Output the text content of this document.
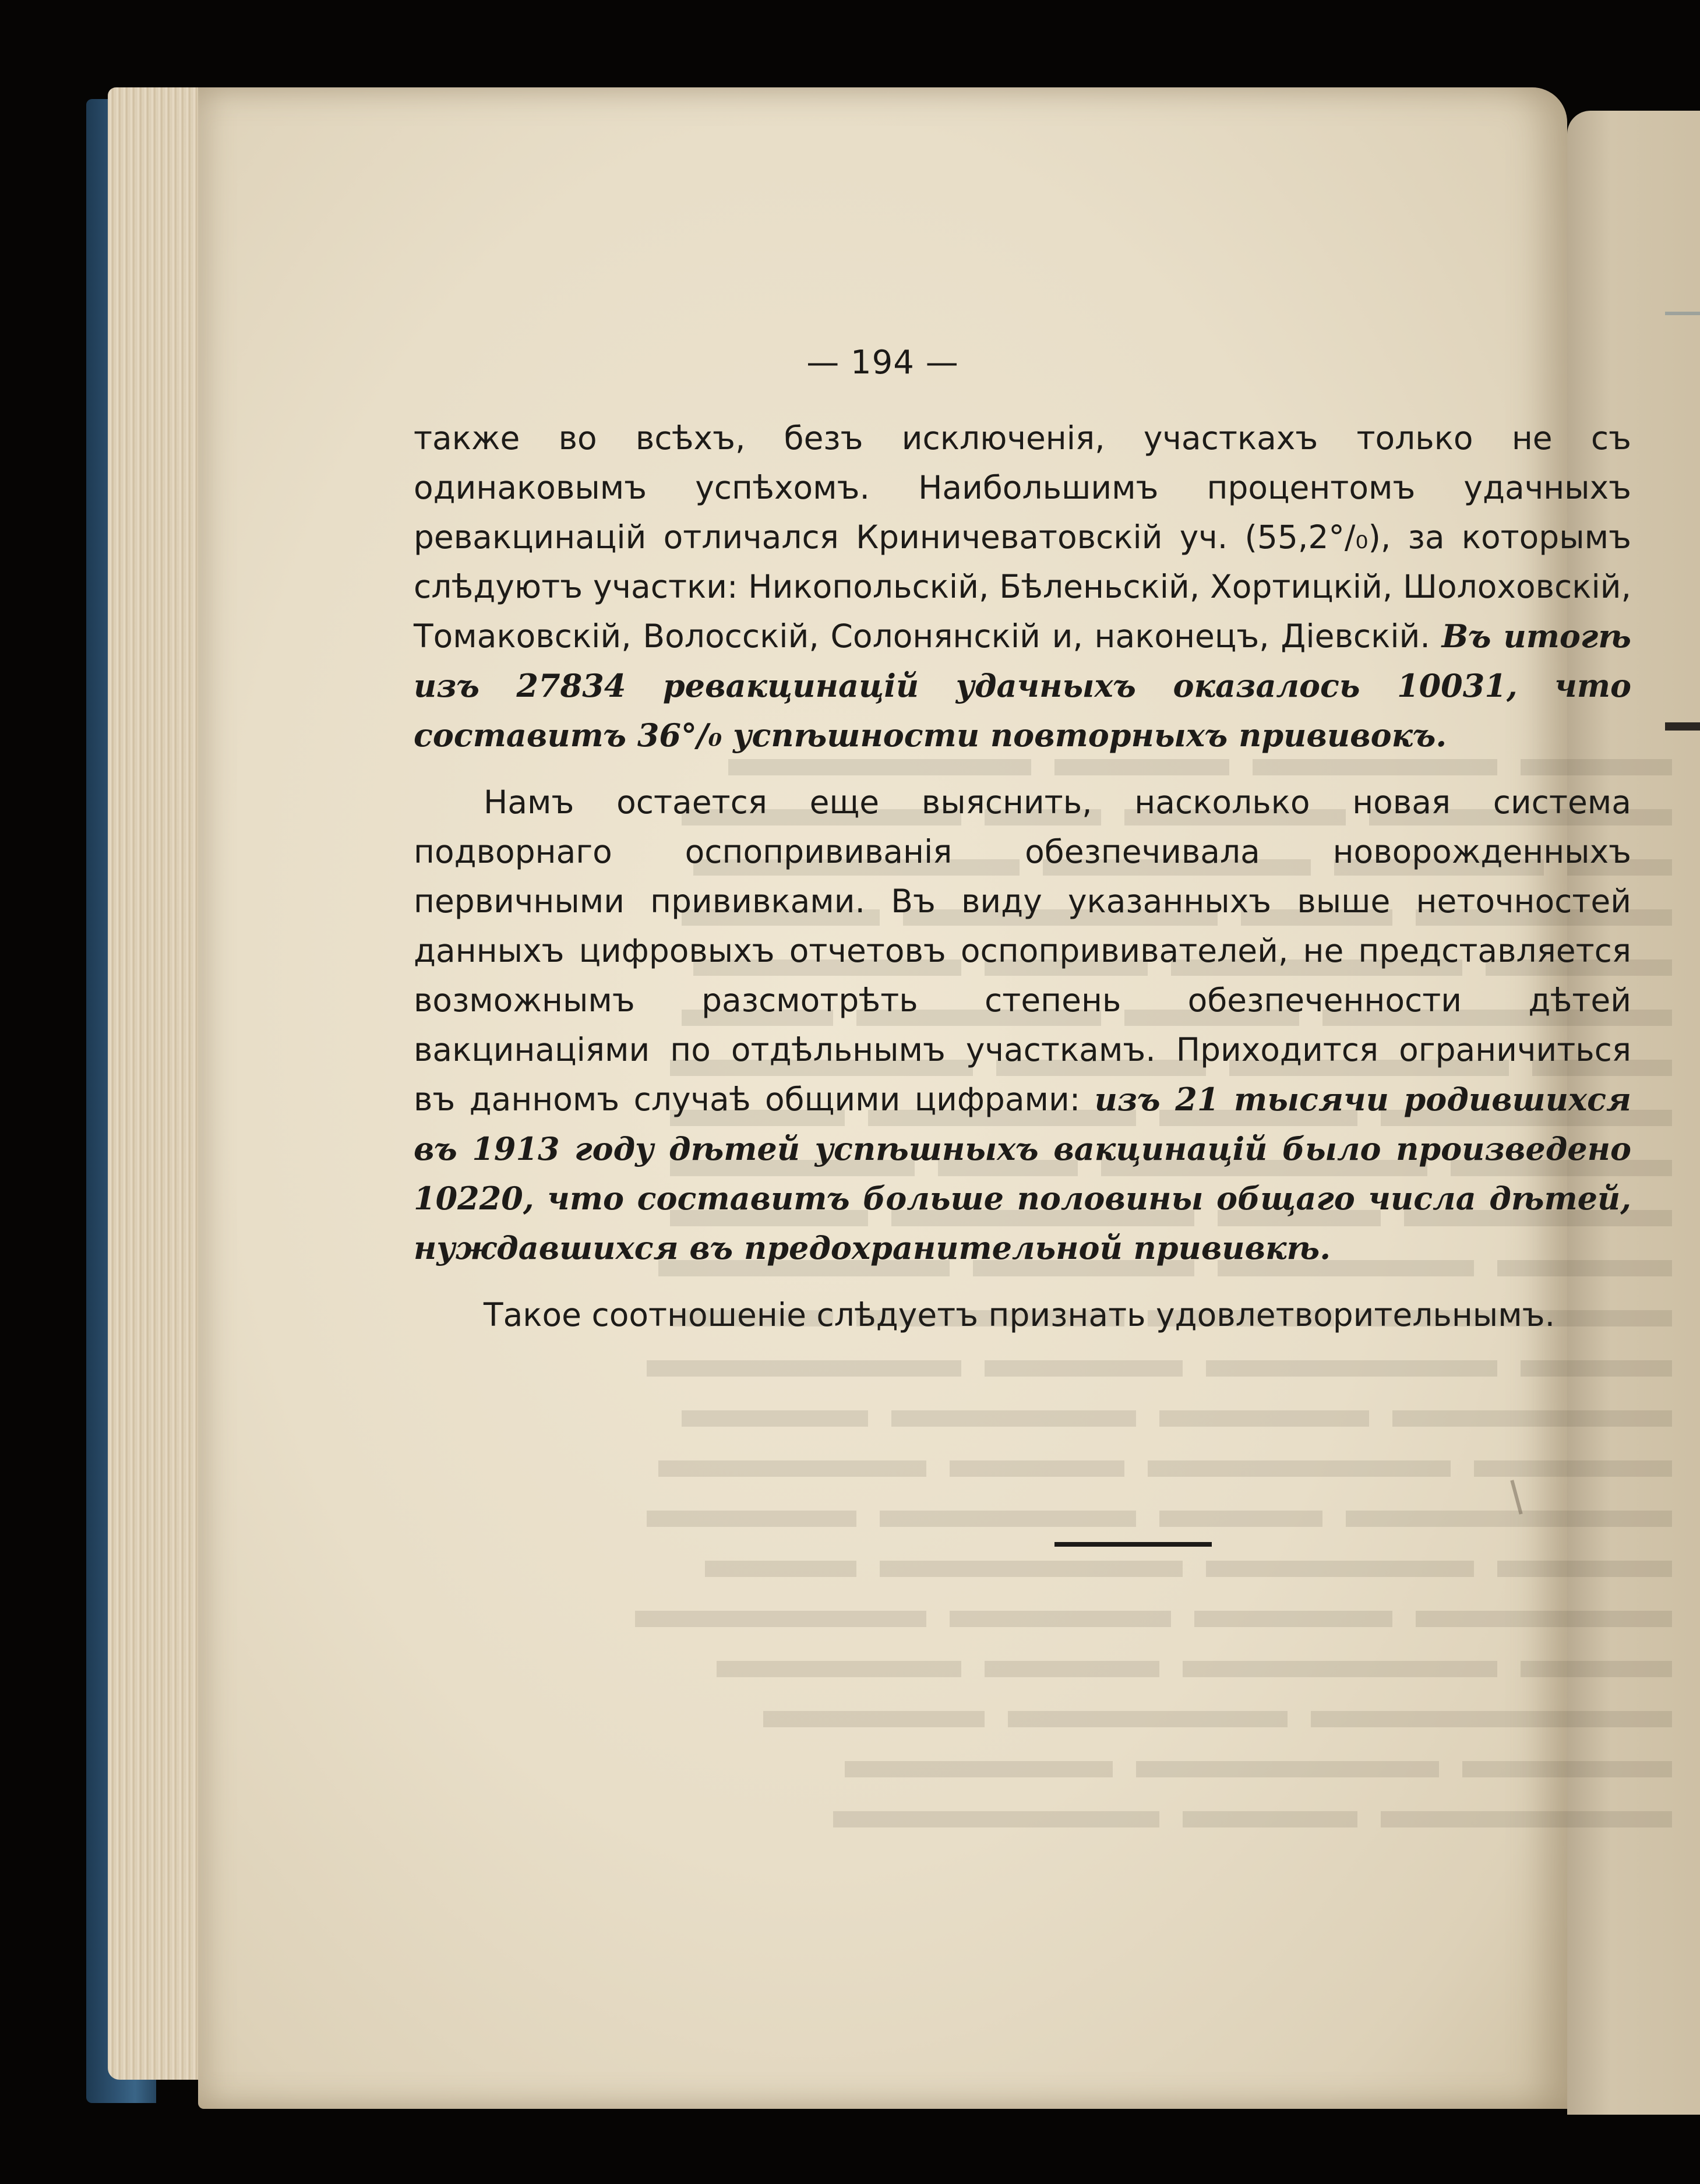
— 194 —

также во всѣхъ, безъ исключенія, участкахъ только не съ одинаковымъ успѣхомъ. Наибольшимъ процентомъ удачныхъ ревакцинацій отличался Криничеватовскій уч. (55,2°/₀), за которымъ слѣдуютъ участки: Никопольскій, Бѣленьскій, Хортицкій, Шолоховскій, Томаковскій, Волосскій, Солонянскій и, наконецъ, Діевскій. Въ итогѣ изъ 27834 ревакцинацій удачныхъ оказалось 10031, что составитъ 36°/₀ успѣшности повторныхъ прививокъ.

Намъ остается еще выяснить, насколько новая система подворнаго оспопрививанія обезпечивала новорожденныхъ первичными прививками. Въ виду указанныхъ выше неточностей данныхъ цифровыхъ отчетовъ оспопрививателей, не представляется возможнымъ разсмотрѣть степень обезпеченности дѣтей вакцинаціями по отдѣльнымъ участкамъ. Приходится ограничиться въ данномъ случаѣ общими цифрами: изъ 21 тысячи родившихся въ 1913 году дѣтей успѣшныхъ вакцинацій было произведено 10220, что составитъ больше половины общаго числа дѣтей, нуждавшихся въ предохранительной прививкѣ.

Такое соотношеніе слѣдуетъ признать удовлетворительнымъ.
